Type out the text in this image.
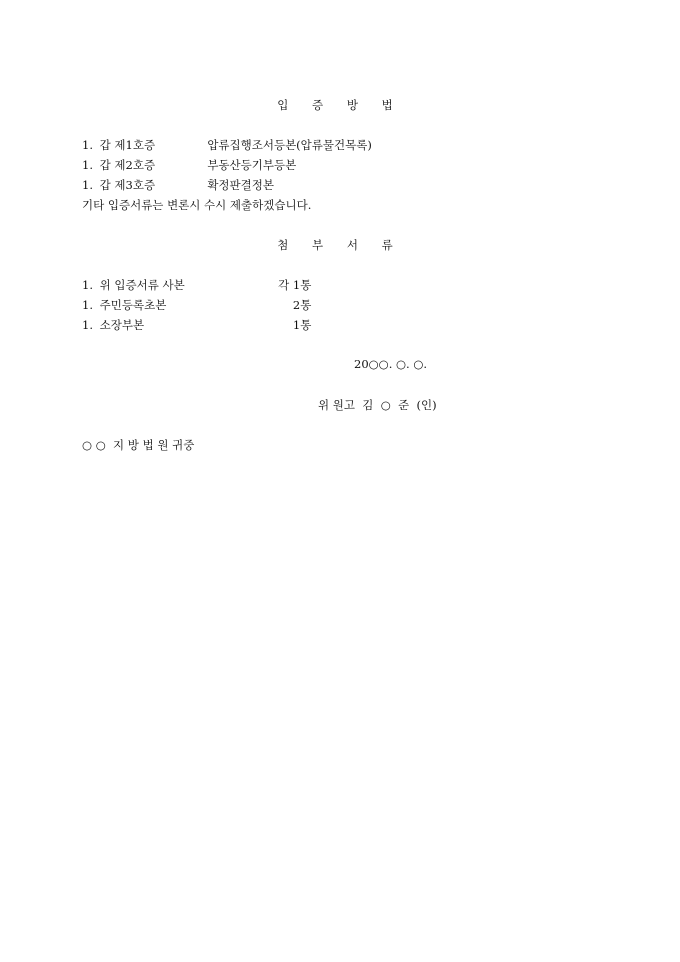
입 증 방 법
1. 갑 제1호증	압류집행조서등본(압류물건목록)
1. 갑 제2호증	부동산등기부등본
1. 갑 제3호증	확정판결정본
기타 입증서류는 변론시 수시 제출하겠습니다.
첨 부 서 류
1. 위 입증서류 사본	각 1통
1. 주민등록초본	2통
1. 소장부본	1통
20○○. ○. ○.
위 원고  김  ○  준  (인)
○ ○  지 방 법 원 귀중
